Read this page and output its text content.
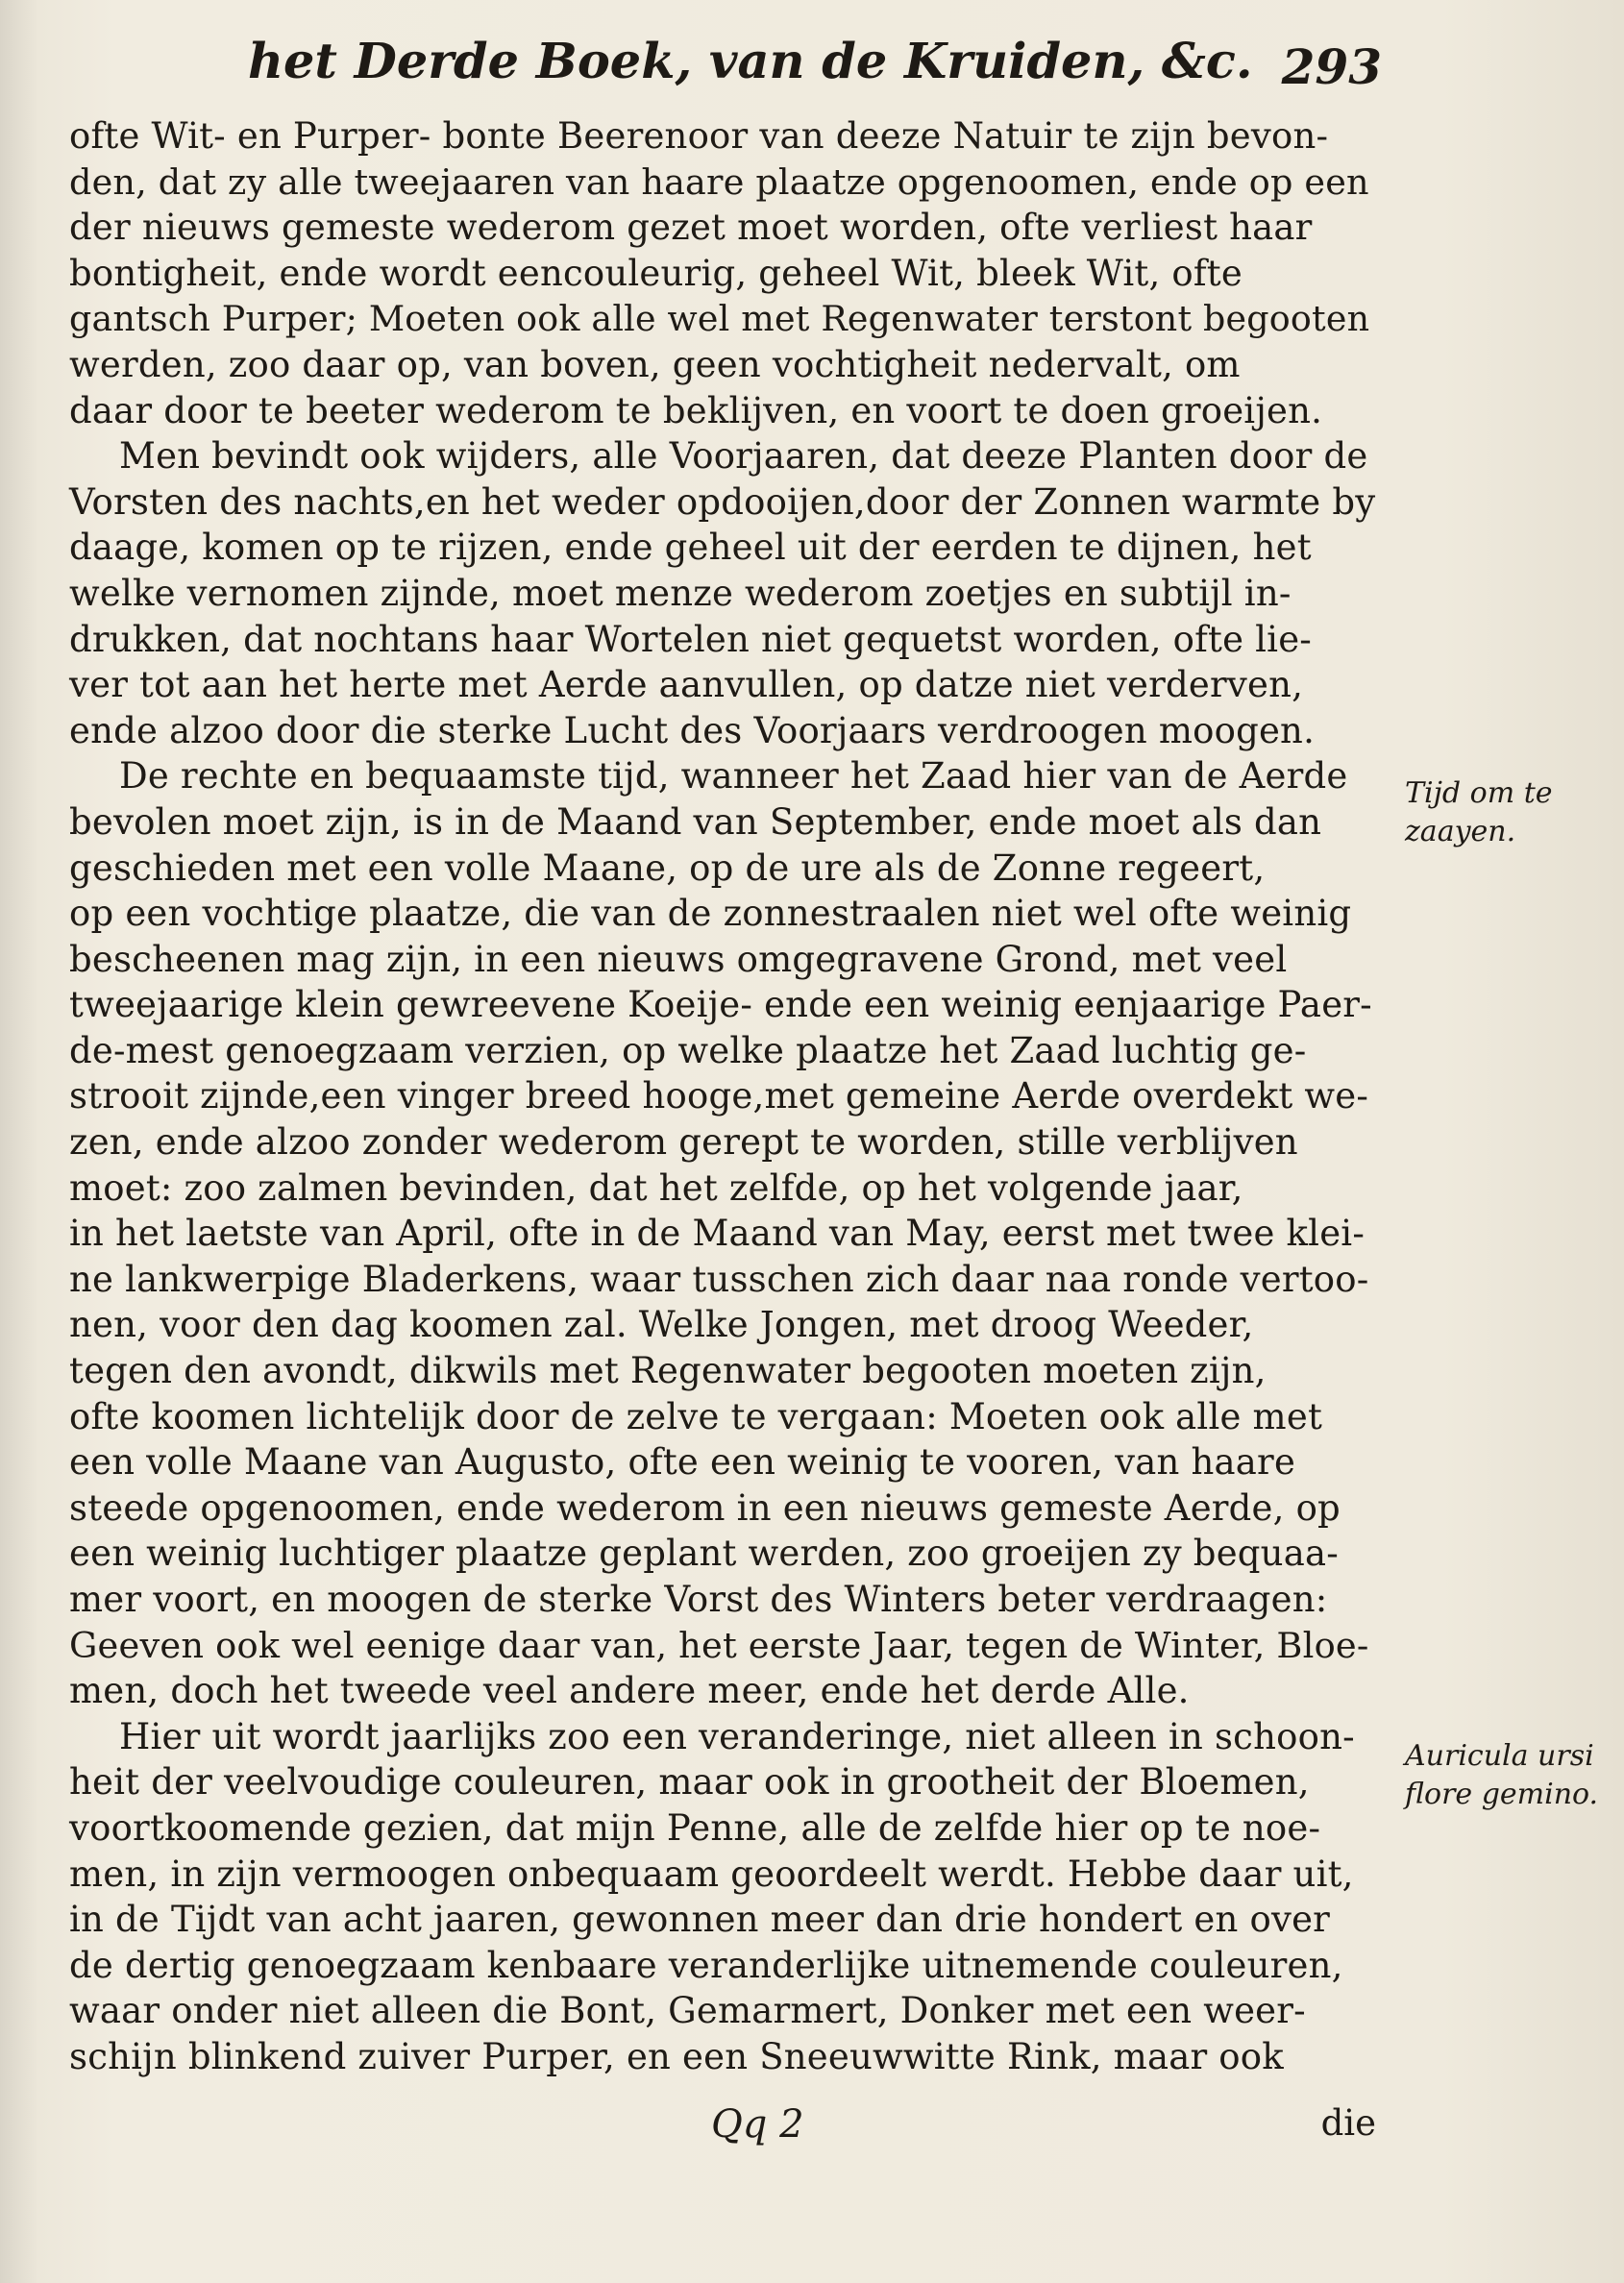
het Derde Boek, van de Kruiden, &c. 293

ofte Wit- en Purper- bonte Beerenoor van deeze Natuir te zijn bevon-
den, dat zy alle tweejaaren van haare plaatze opgenoomen, ende op een
der nieuws gemeste wederom gezet moet worden, ofte verliest haar
bontigheit, ende wordt eencouleurig, geheel Wit, bleek Wit, ofte
gantsch Purper; Moeten ook alle wel met Regenwater terstont begooten
werden, zoo daar op, van boven, geen vochtigheit nedervalt, om
daar door te beeter wederom te beklijven, en voort te doen groeijen.
Men bevindt ook wijders, alle Voorjaaren, dat deeze Planten door de
Vorsten des nachts,en het weder opdooijen,door der Zonnen warmte by
daage, komen op te rijzen, ende geheel uit der eerden te dijnen, het
welke vernomen zijnde, moet menze wederom zoetjes en subtijl in-
drukken, dat nochtans haar Wortelen niet gequetst worden, ofte lie-
ver tot aan het herte met Aerde aanvullen, op datze niet verderven,
ende alzoo door die sterke Lucht des Voorjaars verdroogen moogen.
De rechte en bequaamste tijd, wanneer het Zaad hier van de Aerde
bevolen moet zijn, is in de Maand van September, ende moet als dan
geschieden met een volle Maane, op de ure als de Zonne regeert,
op een vochtige plaatze, die van de zonnestraalen niet wel ofte weinig
bescheenen mag zijn, in een nieuws omgegravene Grond, met veel
tweejaarige klein gewreevene Koeije- ende een weinig eenjaarige Paer-
de-mest genoegzaam verzien, op welke plaatze het Zaad luchtig ge-
strooit zijnde,een vinger breed hooge,met gemeine Aerde overdekt we-
zen, ende alzoo zonder wederom gerept te worden, stille verblijven
moet: zoo zalmen bevinden, dat het zelfde, op het volgende jaar,
in het laetste van April, ofte in de Maand van May, eerst met twee klei-
ne lankwerpige Bladerkens, waar tusschen zich daar naa ronde vertoo-
nen, voor den dag koomen zal. Welke Jongen, met droog Weeder,
tegen den avondt, dikwils met Regenwater begooten moeten zijn,
ofte koomen lichtelijk door de zelve te vergaan: Moeten ook alle met
een volle Maane van Augusto, ofte een weinig te vooren, van haare
steede opgenoomen, ende wederom in een nieuws gemeste Aerde, op
een weinig luchtiger plaatze geplant werden, zoo groeijen zy bequaa-
mer voort, en moogen de sterke Vorst des Winters beter verdraagen:
Geeven ook wel eenige daar van, het eerste Jaar, tegen de Winter, Bloe-
men, doch het tweede veel andere meer, ende het derde Alle.
Hier uit wordt jaarlijks zoo een veranderinge, niet alleen in schoon-
heit der veelvoudige couleuren, maar ook in grootheit der Bloemen,
voortkoomende gezien, dat mijn Penne, alle de zelfde hier op te noe-
men, in zijn vermoogen onbequaam geoordeelt werdt. Hebbe daar uit,
in de Tijdt van acht jaaren, gewonnen meer dan drie hondert en over
de dertig genoegzaam kenbaare veranderlijke uitnemende couleuren,
waar onder niet alleen die Bont, Gemarmert, Donker met een weer-
schijn blinkend zuiver Purper, en een Sneeuwwitte Rink, maar ook
Tijd om te zaayen.
Auricula ursi flore gemino.
Qq 2	die
